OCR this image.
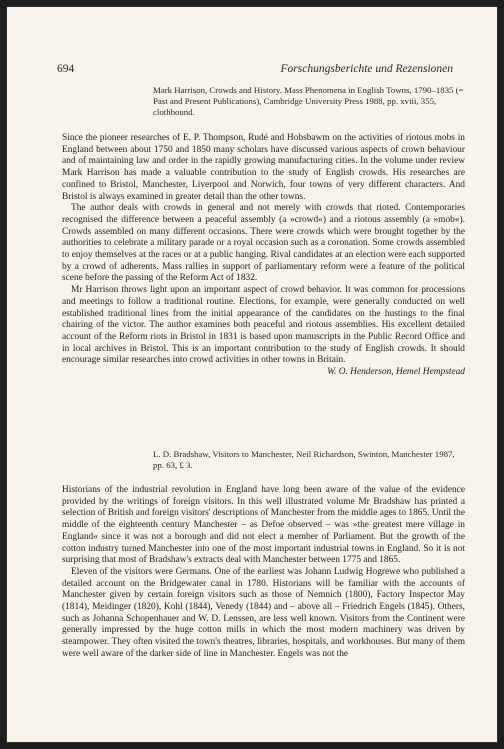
694	Forschungsberichte und Rezensionen
Mark Harrison, Crowds and History. Mass Phenomena in English Towns, 1790–1835 (= Past and Present Publications), Cambridge University Press 1988, pp. xviii, 355, clothbound.

Since the pioneer researches of E. P. Thompson, Rudé and Hobsbawm on the activities of riotous mobs in England between about 1750 and 1850 many scholars have discussed various aspects of crown behaviour and of maintaining law and order in the rapidly growing manufacturing cities. In the volume under review Mark Harrison has made a valuable contribution to the study of English crowds. His researches are confined to Bristol, Manchester, Liverpool and Norwich, four towns of very different characters. And Bristol is always examined in greater detail than the other towns.

The author deals with crowds in general and not merely with crowds that rioted. Contemporaries recognised the difference between a peaceful assembly (a »crowd«) and a riotous assembly (a »mob«). Crowds assembled on many different occasions. There were crowds which were brought together by the authorities to celebrate a military parade or a royal occasion such as a coronation. Some crowds assembled to enjoy themselves at the races or at a public hanging. Rival candidates at an election were each supported by a crowd of adherents. Mass rallies in support of parliamentary reform were a feature of the political scene before the passing of the Reform Act of 1832.

Mr Harrison throws light upon an important aspect of crowd behavior. It was common for processions and meetings to follow a traditional routine. Elections, for example, were generally conducted on well established traditional lines from the initial appearance of the candidates on the hustings to the final chairing of the victor. The author examines both peaceful and riotous assemblies. His excellent detailed account of the Reform riots in Bristol in 1831 is based upon manuscripts in the Public Record Office and in local archives in Bristol. This is an important contribution to the study of English crowds. It should encourage similar researches into crowd activities in other towns in Britain.

W. O. Henderson, Hemel Hempstead
L. D. Bradshaw, Visitors to Manchester, Neil Richardson, Swinton, Manchester 1987, pp. 63, £ 3.

Historians of the industrial revolution in England have long been aware of the value of the evidence provided by the writings of foreign visitors. In this well illustrated volume Mr Bradshaw has printed a selection of British and foreign visitors' descriptions of Manchester from the middle ages to 1865. Until the middle of the eighteenth century Manchester – as Defoe observed – was »the greatest mere village in England« since it was not a borough and did not elect a member of Parliament. But the growth of the cotton industry turned Manchester into one of the most important industrial towns in England. So it is not surprising that most of Bradshaw's extracts deal with Manchester between 1775 and 1865.

Eleven of the visitors were Germans. One of the earliest was Johann Ludwig Hogrewe who published a detailed account on the Bridgewater canal in 1780. Historians will be familiar with the accounts of Manchester given by certain foreign visitors such as those of Nemnich (1800), Factory Inspector May (1814), Meidinger (1820), Kohl (1844), Venedy (1844) and – above all – Friedrich Engels (1845). Others, such as Johanna Schopenhauer and W. D. Lenssen, are less well known. Visitors from the Continent were generally impressed by the huge cotton mills in which the most modern machinery was driven by steampower. They often visited the town's theatres, libraries, hospitals, and workhouses. But many of them were well aware of the darker side of line in Manchester. Engels was not the
